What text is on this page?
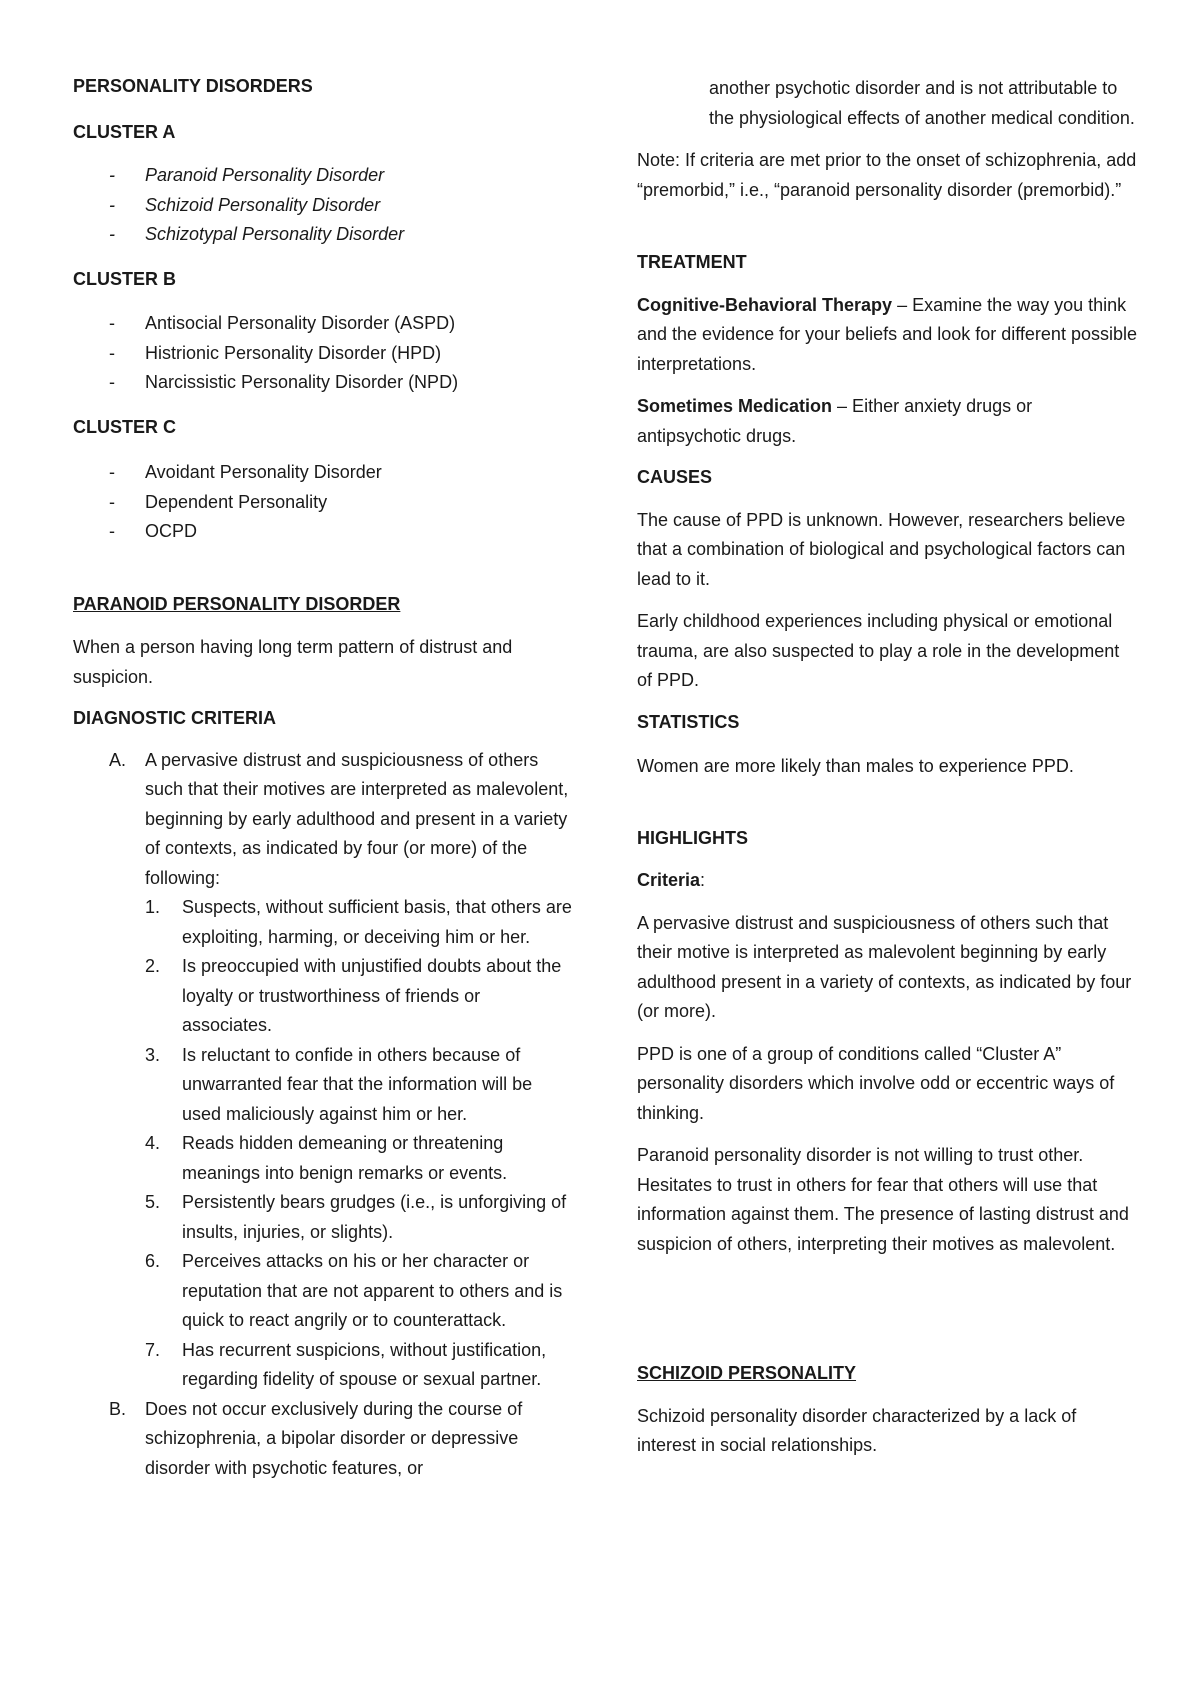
PERSONALITY DISORDERS

CLUSTER A

- Paranoid Personality Disorder
- Schizoid Personality Disorder
- Schizotypal Personality Disorder

CLUSTER B

- Antisocial Personality Disorder (ASPD)
- Histrionic Personality Disorder (HPD)
- Narcissistic Personality Disorder (NPD)

CLUSTER C

- Avoidant Personality Disorder
- Dependent Personality
- OCPD

PARANOID PERSONALITY DISORDER

When a person having long term pattern of distrust and suspicion.

DIAGNOSTIC CRITERIA

A. A pervasive distrust and suspiciousness of others such that their motives are interpreted as malevolent, beginning by early adulthood and present in a variety of contexts, as indicated by four (or more) of the following:
1. Suspects, without sufficient basis, that others are exploiting, harming, or deceiving him or her.
2. Is preoccupied with unjustified doubts about the loyalty or trustworthiness of friends or associates.
3. Is reluctant to confide in others because of unwarranted fear that the information will be used maliciously against him or her.
4. Reads hidden demeaning or threatening meanings into benign remarks or events.
5. Persistently bears grudges (i.e., is unforgiving of insults, injuries, or slights).
6. Perceives attacks on his or her character or reputation that are not apparent to others and is quick to react angrily or to counterattack.
7. Has recurrent suspicions, without justification, regarding fidelity of spouse or sexual partner.
B. Does not occur exclusively during the course of schizophrenia, a bipolar disorder or depressive disorder with psychotic features, or
another psychotic disorder and is not attributable to the physiological effects of another medical condition.

Note: If criteria are met prior to the onset of schizophrenia, add “premorbid,” i.e., “paranoid personality disorder (premorbid).”

TREATMENT

Cognitive-Behavioral Therapy – Examine the way you think and the evidence for your beliefs and look for different possible interpretations.

Sometimes Medication – Either anxiety drugs or antipsychotic drugs.

CAUSES

The cause of PPD is unknown. However, researchers believe that a combination of biological and psychological factors can lead to it.

Early childhood experiences including physical or emotional trauma, are also suspected to play a role in the development of PPD.

STATISTICS

Women are more likely than males to experience PPD.

HIGHLIGHTS

Criteria:

A pervasive distrust and suspiciousness of others such that their motive is interpreted as malevolent beginning by early adulthood present in a variety of contexts, as indicated by four (or more).

PPD is one of a group of conditions called “Cluster A” personality disorders which involve odd or eccentric ways of thinking.

Paranoid personality disorder is not willing to trust other. Hesitates to trust in others for fear that others will use that information against them. The presence of lasting distrust and suspicion of others, interpreting their motives as malevolent.

SCHIZOID PERSONALITY

Schizoid personality disorder characterized by a lack of interest in social relationships.
